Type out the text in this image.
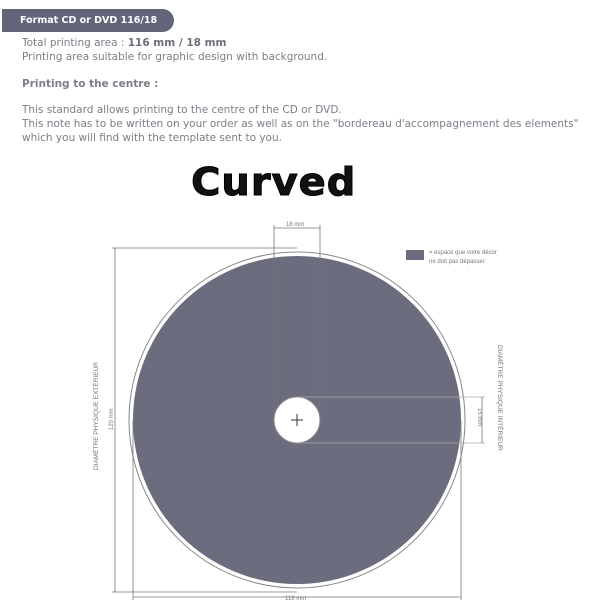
Format CD or DVD 116/18
Total printing area : 116 mm / 18 mm
Printing area suitable for graphic design with background.
Printing to the centre :
This standard allows printing to the centre of the CD or DVD.
This note has to be written on your order as well as on the "bordereau d'accompagnement des elements"
which you will find with the template sent to you.
Curved
18 mm
120 mm
DIAMÈTRE PHYSIQUE EXTÉRIEUR
116 mm
15 mm DIAMÈTRE PHYSIQUE INTÉRIEUR
= espace que votre décor
ne doit pas dépasser
